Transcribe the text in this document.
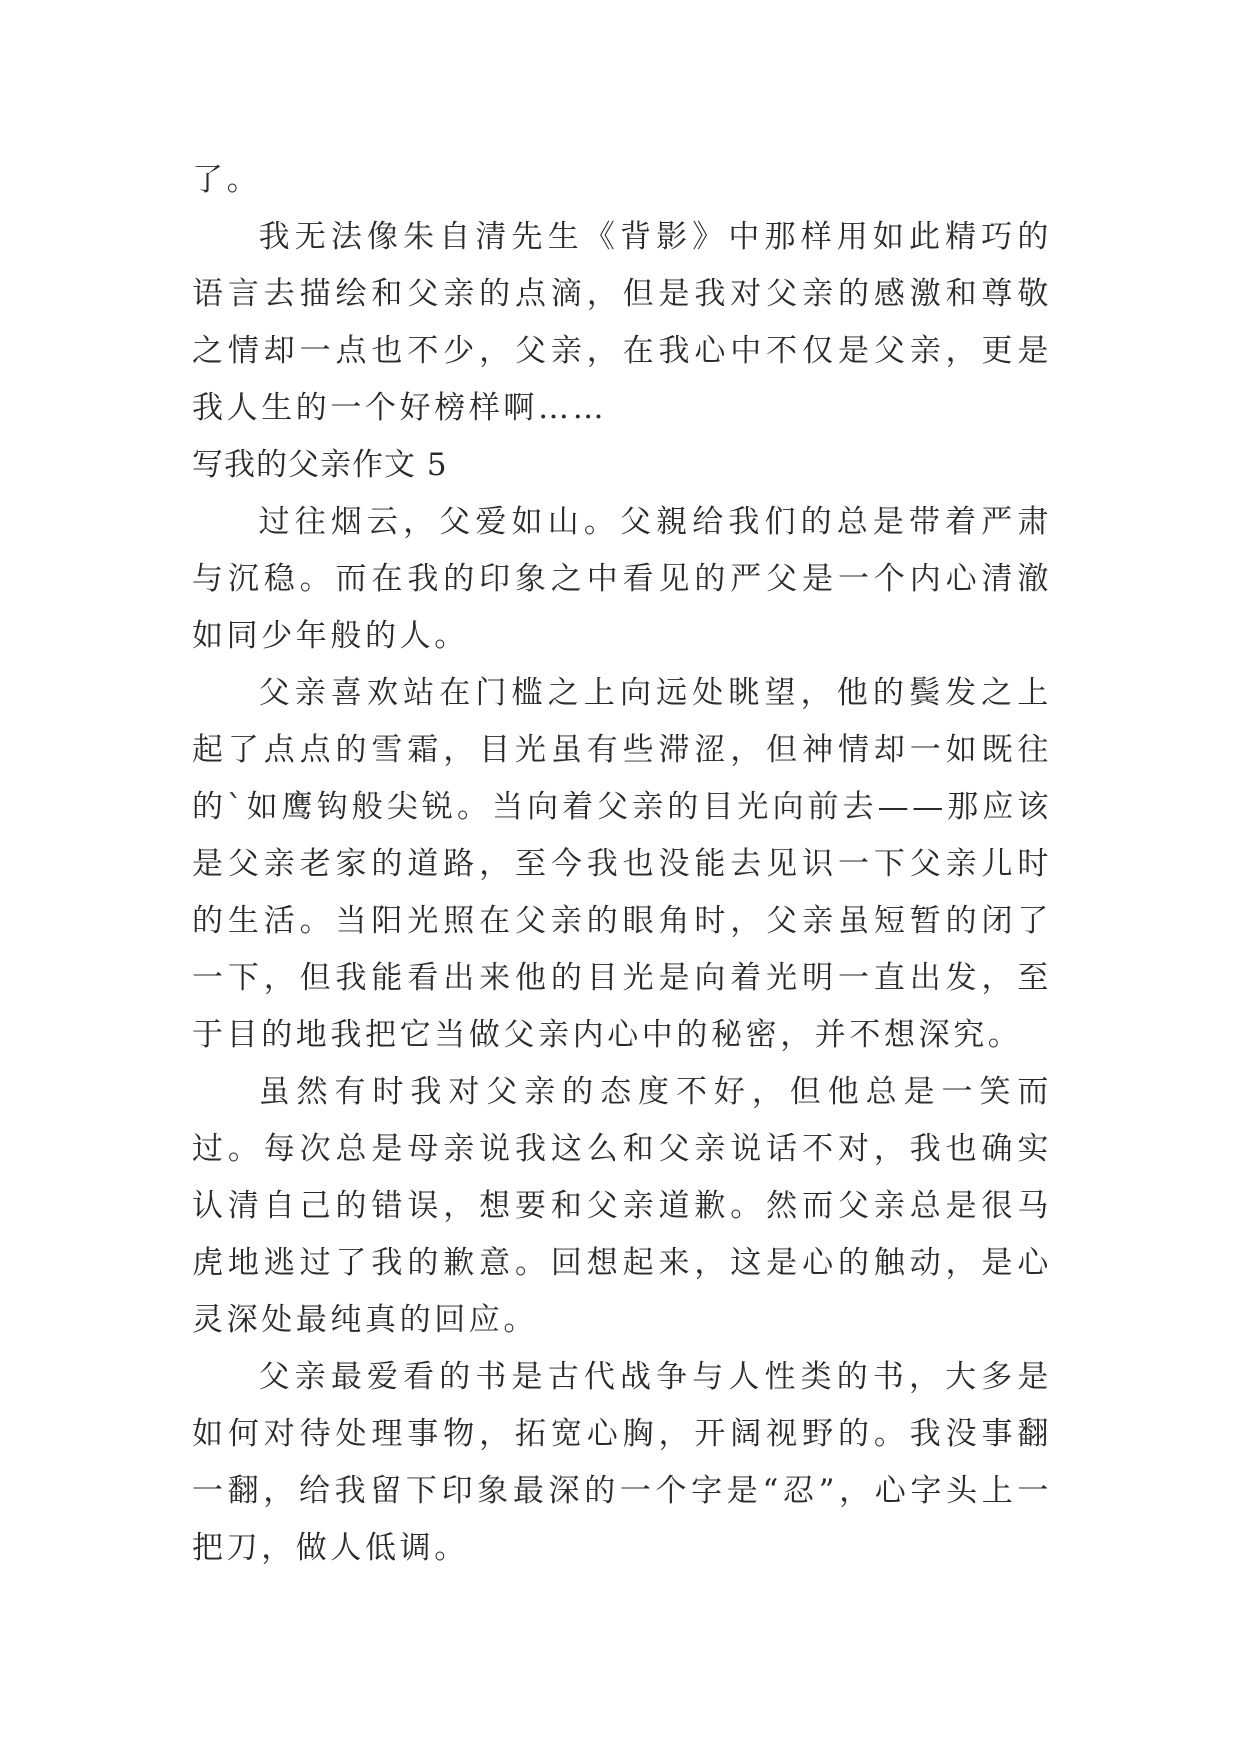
了。

我无法像朱自清先生《背影》中那样用如此精巧的语言去描绘和父亲的点滴，但是我对父亲的感激和尊敬之情却一点也不少，父亲，在我心中不仅是父亲，更是我人生的一个好榜样啊……

写我的父亲作文 5

过往烟云，父爱如山。父親给我们的总是带着严肃与沉稳。而在我的印象之中看见的严父是一个内心清澈如同少年般的人。

父亲喜欢站在门槛之上向远处眺望，他的鬓发之上起了点点的雪霜，目光虽有些滞涩，但神情却一如既往的`如鹰钩般尖锐。当向着父亲的目光向前去——那应该是父亲老家的道路，至今我也没能去见识一下父亲儿时的生活。当阳光照在父亲的眼角时，父亲虽短暂的闭了一下，但我能看出来他的目光是向着光明一直出发，至于目的地我把它当做父亲内心中的秘密，并不想深究。

虽然有时我对父亲的态度不好，但他总是一笑而过。每次总是母亲说我这么和父亲说话不对，我也确实认清自己的错误，想要和父亲道歉。然而父亲总是很马虎地逃过了我的歉意。回想起来，这是心的触动，是心灵深处最纯真的回应。

父亲最爱看的书是古代战争与人性类的书，大多是如何对待处理事物，拓宽心胸，开阔视野的。我没事翻一翻，给我留下印象最深的一个字是“忍”，心字头上一把刀，做人低调。
